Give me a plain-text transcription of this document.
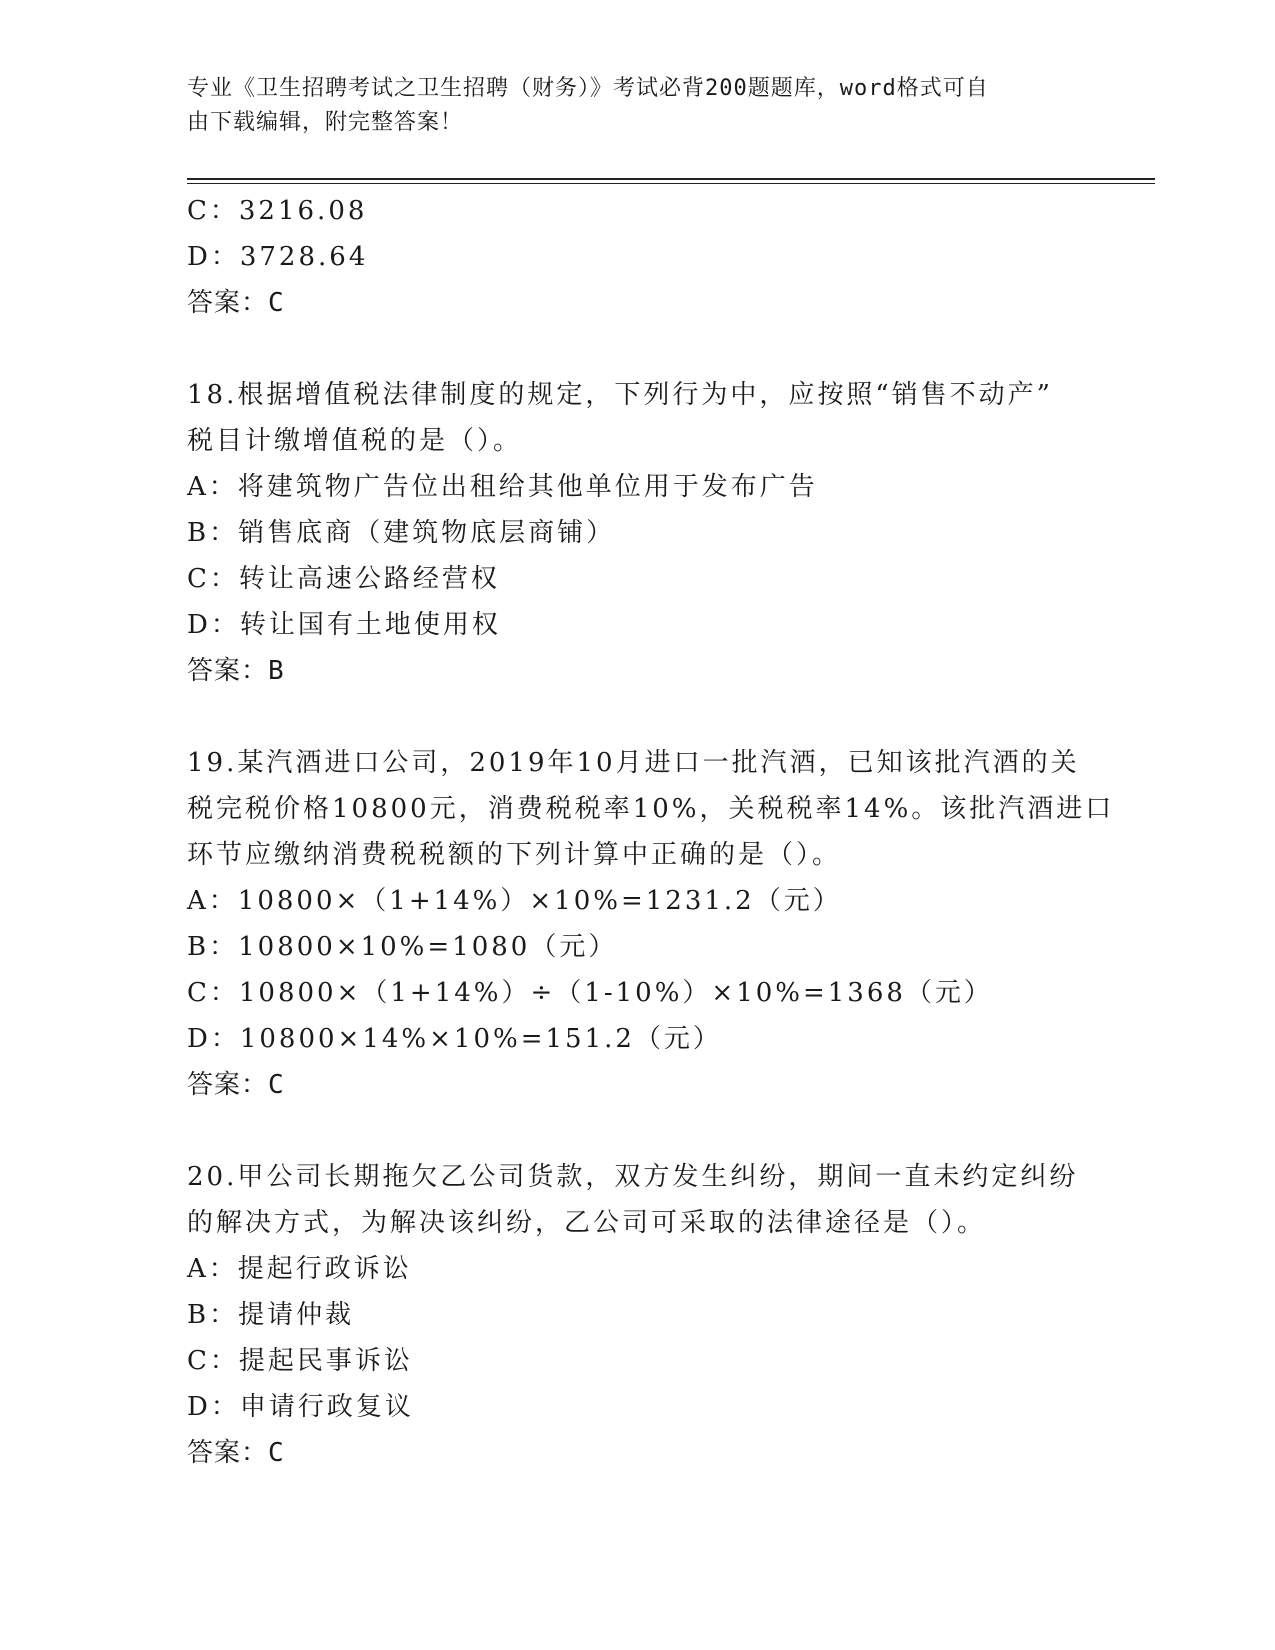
专业《卫生招聘考试之卫生招聘（财务）》考试必背200题题库，word格式可自
由下载编辑，附完整答案！
C：3216.08
D：3728.64
答案：C
18.根据增值税法律制度的规定，下列行为中，应按照“销售不动产”
税目计缴增值税的是（）。
A：将建筑物广告位出租给其他单位用于发布广告
B：销售底商（建筑物底层商铺）
C：转让高速公路经营权
D：转让国有土地使用权
答案：B
19.某汽酒进口公司，2019年10月进口一批汽酒，已知该批汽酒的关
税完税价格10800元，消费税税率10%，关税税率14%。该批汽酒进口
环节应缴纳消费税税额的下列计算中正确的是（）。
A：10800×（1+14%）×10%=1231.2（元）
B：10800×10%=1080（元）
C：10800×（1+14%）÷（1-10%）×10%=1368（元）
D：10800×14%×10%=151.2（元）
答案：C
20.甲公司长期拖欠乙公司货款，双方发生纠纷，期间一直未约定纠纷
的解决方式，为解决该纠纷，乙公司可采取的法律途径是（）。
A：提起行政诉讼
B：提请仲裁
C：提起民事诉讼
D：申请行政复议
答案：C
